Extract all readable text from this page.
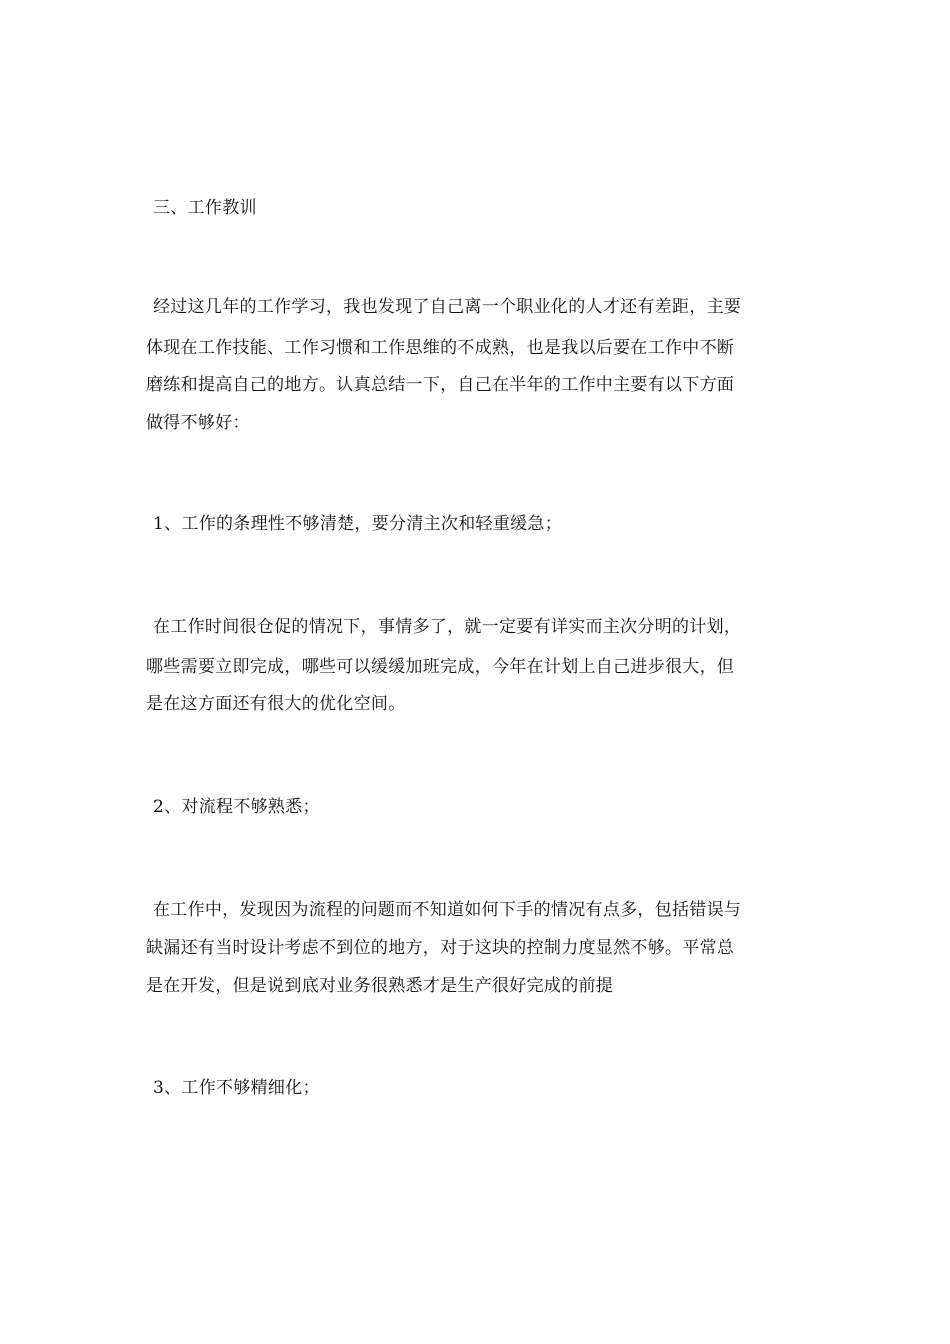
三、工作教训
经过这几年的工作学习，我也发现了自己离一个职业化的人才还有差距，主要
体现在工作技能、工作习惯和工作思维的不成熟，也是我以后要在工作中不断
磨练和提高自己的地方。认真总结一下，自己在半年的工作中主要有以下方面
做得不够好：
1、工作的条理性不够清楚，要分清主次和轻重缓急；
在工作时间很仓促的情况下，事情多了，就一定要有详实而主次分明的计划，
哪些需要立即完成，哪些可以缓缓加班完成，今年在计划上自己进步很大，但
是在这方面还有很大的优化空间。
2、对流程不够熟悉；
在工作中，发现因为流程的问题而不知道如何下手的情况有点多，包括错误与
缺漏还有当时设计考虑不到位的地方，对于这块的控制力度显然不够。平常总
是在开发，但是说到底对业务很熟悉才是生产很好完成的前提
3、工作不够精细化；
